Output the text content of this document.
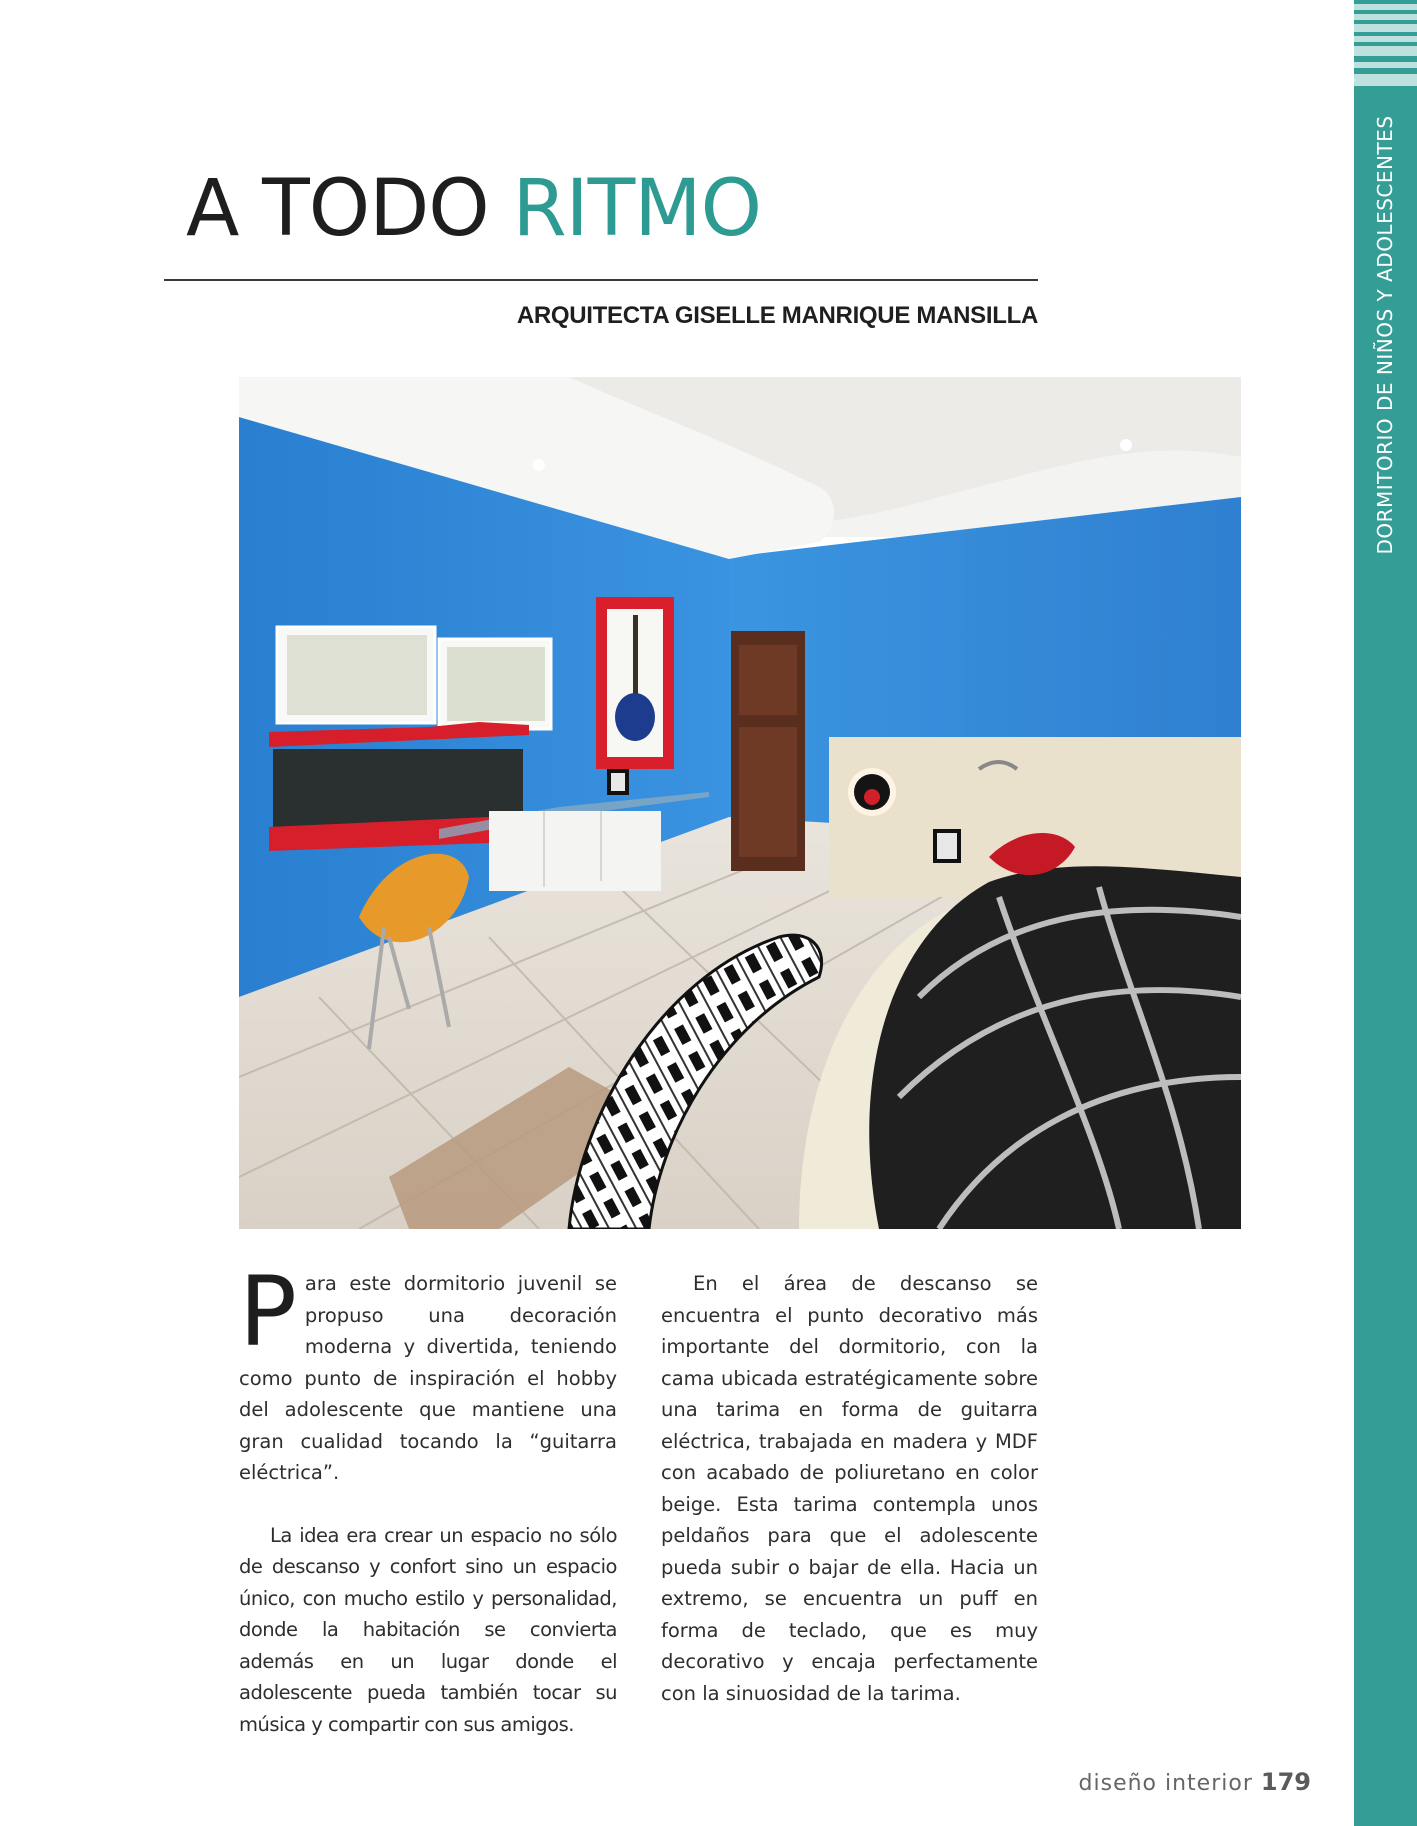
DORMITORIO DE NIÑOS Y ADOLESCENTES
A TODO RITMO
ARQUITECTA GISELLE MANRIQUE MANSILLA

Para este dormitorio juvenil se propuso una decoración moderna y divertida, teniendo como punto de inspiración el hobby del adolescente que mantiene una gran cualidad tocando la “guitarra eléctrica”.

La idea era crear un espacio no sólo de descanso y confort sino un espacio único, con mucho estilo y personalidad, donde la habitación se convierta además en un lugar donde el adolescente pueda también tocar su música y compartir con sus amigos.

En el área de descanso se encuentra el punto decorativo más importante del dormitorio, con la cama ubicada estratégicamente sobre una tarima en forma de guitarra eléctrica, trabajada en madera y MDF con acabado de poliuretano en color beige. Esta tarima contempla unos peldaños para que el adolescente pueda subir o bajar de ella. Hacia un extremo, se encuentra un puff en forma de teclado, que es muy decorativo y encaja perfectamente con la sinuosidad de la tarima.

diseño interior 179
